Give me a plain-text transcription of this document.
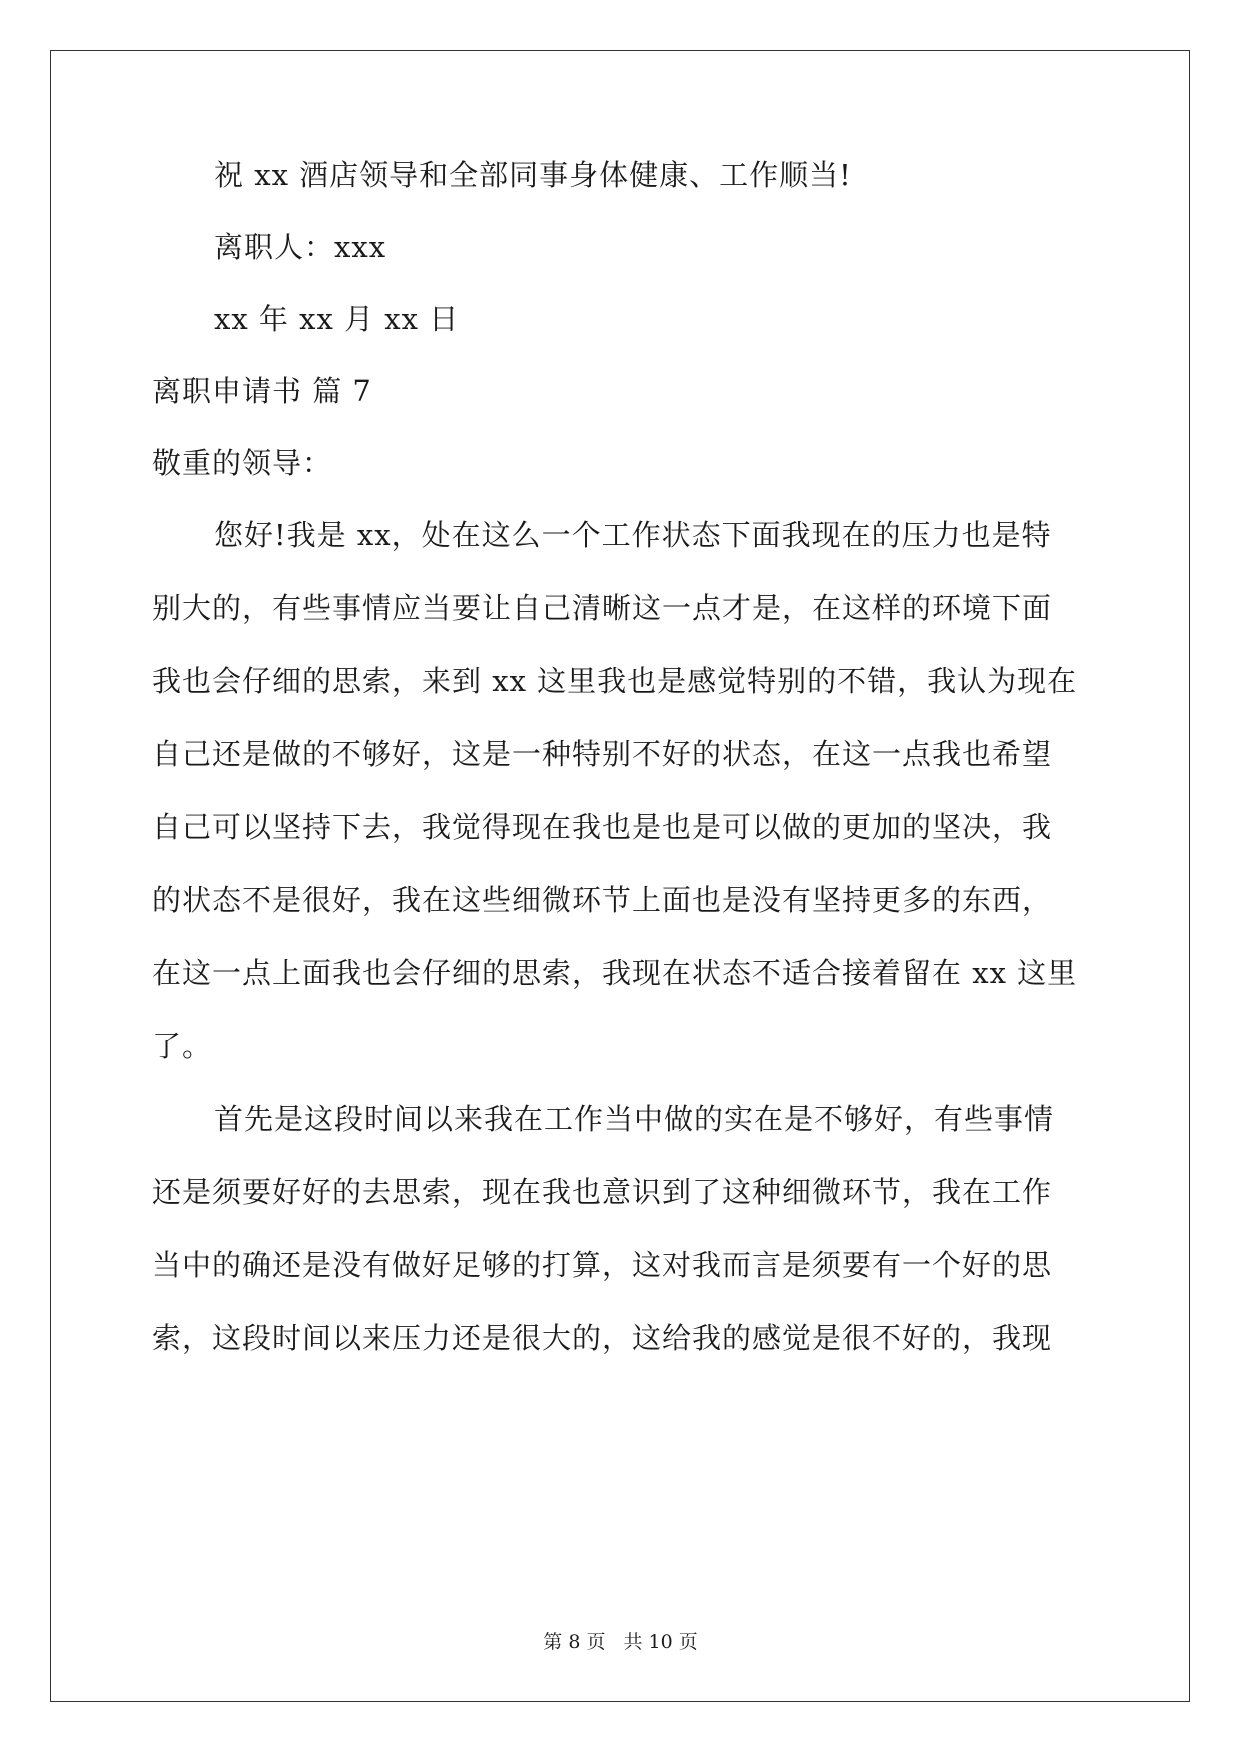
祝 xx 酒店领导和全部同事身体健康、工作顺当!
离职人：xxx
xx 年 xx 月 xx 日
离职申请书 篇 7
敬重的领导：
您好!我是 xx，处在这么一个工作状态下面我现在的压力也是特
别大的，有些事情应当要让自己清晰这一点才是，在这样的环境下面
我也会仔细的思索，来到 xx 这里我也是感觉特别的不错，我认为现在
自己还是做的不够好，这是一种特别不好的状态，在这一点我也希望
自己可以坚持下去，我觉得现在我也是也是可以做的更加的坚决，我
的状态不是很好，我在这些细微环节上面也是没有坚持更多的东西，
在这一点上面我也会仔细的思索，我现在状态不适合接着留在 xx 这里
了。
首先是这段时间以来我在工作当中做的实在是不够好，有些事情
还是须要好好的去思索，现在我也意识到了这种细微环节，我在工作
当中的确还是没有做好足够的打算，这对我而言是须要有一个好的思
索，这段时间以来压力还是很大的，这给我的感觉是很不好的，我现
第 8 页 共 10 页
